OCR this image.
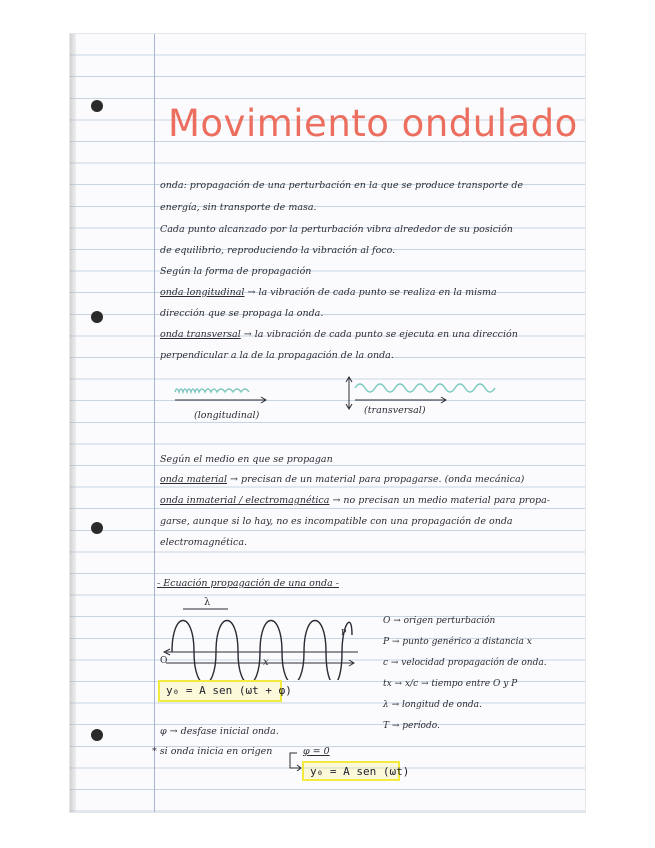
Movimiento ondulado
onda: propagación de una perturbación en la que se produce transporte de
energía, sin transporte de masa.
Cada punto alcanzado por la perturbación vibra alrededor de su posición
de equilibrio, reproduciendo la vibración al foco.
Según la forma de propagación
onda longitudinal → la vibración de cada punto se realiza en la misma
dirección que se propaga la onda.
onda transversal → la vibración de cada punto se ejecuta en una dirección
perpendicular a la de la propagación de la onda.
(longitudinal)	(transversal)
Según el medio en que se propagan
onda material → precisan de un material para propagarse. (onda mecánica)
onda inmaterial / electromagnética → no precisan un medio material para propa-
garse, aunque si lo hay, no es incompatible con una propagación de onda
electromagnética.
- Ecuación propagación de una onda -
λ
O	x
P
y₀ = A sen (ωt + φ)
O → origen perturbación
P → punto genérico a distancia x
c → velocidad propagación de onda.
tx → x/c → tiempo entre O y P
λ → longitud de onda.
T → período.
φ → desfase inicial onda.
* si onda inicia en origen	φ = 0
y₀ = A sen (ωt)
